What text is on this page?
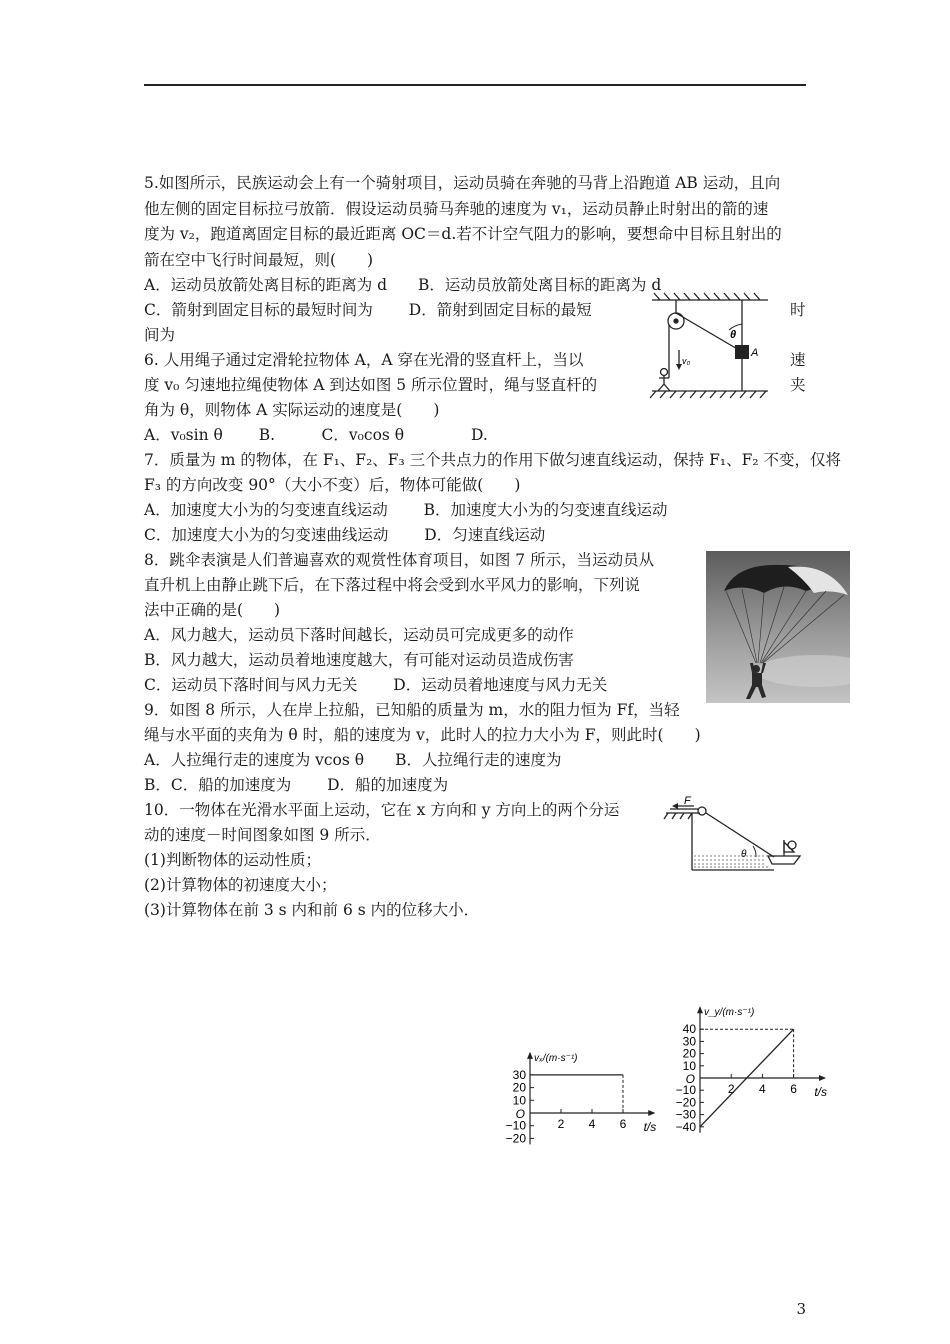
5.如图所示，民族运动会上有一个骑射项目，运动员骑在奔驰的马背上沿跑道 AB 运动，且向
他左侧的固定目标拉弓放箭．假设运动员骑马奔驰的速度为 v₁，运动员静止时射出的箭的速
度为 v₂，跑道离固定目标的最近距离 OC＝d.若不计空气阻力的影响，要想命中目标且射出的
箭在空中飞行时间最短，则(　　)
A．运动员放箭处离目标的距离为 d　　B．运动员放箭处离目标的距离为 d
C．箭射到固定目标的最短时间为　　 D．箭射到固定目标的最短	时
间为
6. 人用绳子通过定滑轮拉物体 A，A 穿在光滑的竖直杆上，当以	速
度 v₀ 匀速地拉绳使物体 A 到达如图 5 所示位置时，绳与竖直杆的	夹
角为 θ，则物体 A 实际运动的速度是(　　)
A．v₀sin θ　　 B.　　　C．v₀cos θ　　　　 D.
7．质量为 m 的物体，在 F₁、F₂、F₃ 三个共点力的作用下做匀速直线运动，保持 F₁、F₂ 不变，仅将
F₃ 的方向改变 90°（大小不变）后，物体可能做(　　)
A．加速度大小为的匀变速直线运动　　 B．加速度大小为的匀变速直线运动
C．加速度大小为的匀变速曲线运动　　 D．匀速直线运动
8．跳伞表演是人们普遍喜欢的观赏性体育项目，如图 7 所示，当运动员从
直升机上由静止跳下后，在下落过程中将会受到水平风力的影响，下列说
法中正确的是(　　)
A．风力越大，运动员下落时间越长，运动员可完成更多的动作
B．风力越大，运动员着地速度越大，有可能对运动员造成伤害
C．运动员下落时间与风力无关　　 D．运动员着地速度与风力无关
9．如图 8 所示，人在岸上拉船，已知船的质量为 m，水的阻力恒为 Ff，当轻
绳与水平面的夹角为 θ 时，船的速度为 v，此时人的拉力大小为 F，则此时(　　)
A．人拉绳行走的速度为 vcos θ　　B．人拉绳行走的速度为
B．C．船的加速度为　　 D．船的加速度为
10．一物体在光滑水平面上运动，它在 x 方向和 y 方向上的两个分运
动的速度－时间图象如图 9 所示．
(1)判断物体的运动性质；
(2)计算物体的初速度大小；
(3)计算物体在前 3 s 内和前 6 s 内的位移大小．
θ
A
v₀
F
θ
30
20
10
−10
−20
2 4 6
O
t/s
vₓ/(m·s⁻¹)
40
30
20
10
−10
−20
−30
−40
2 4 6
O
t/s
v_y/(m·s⁻¹)
3
